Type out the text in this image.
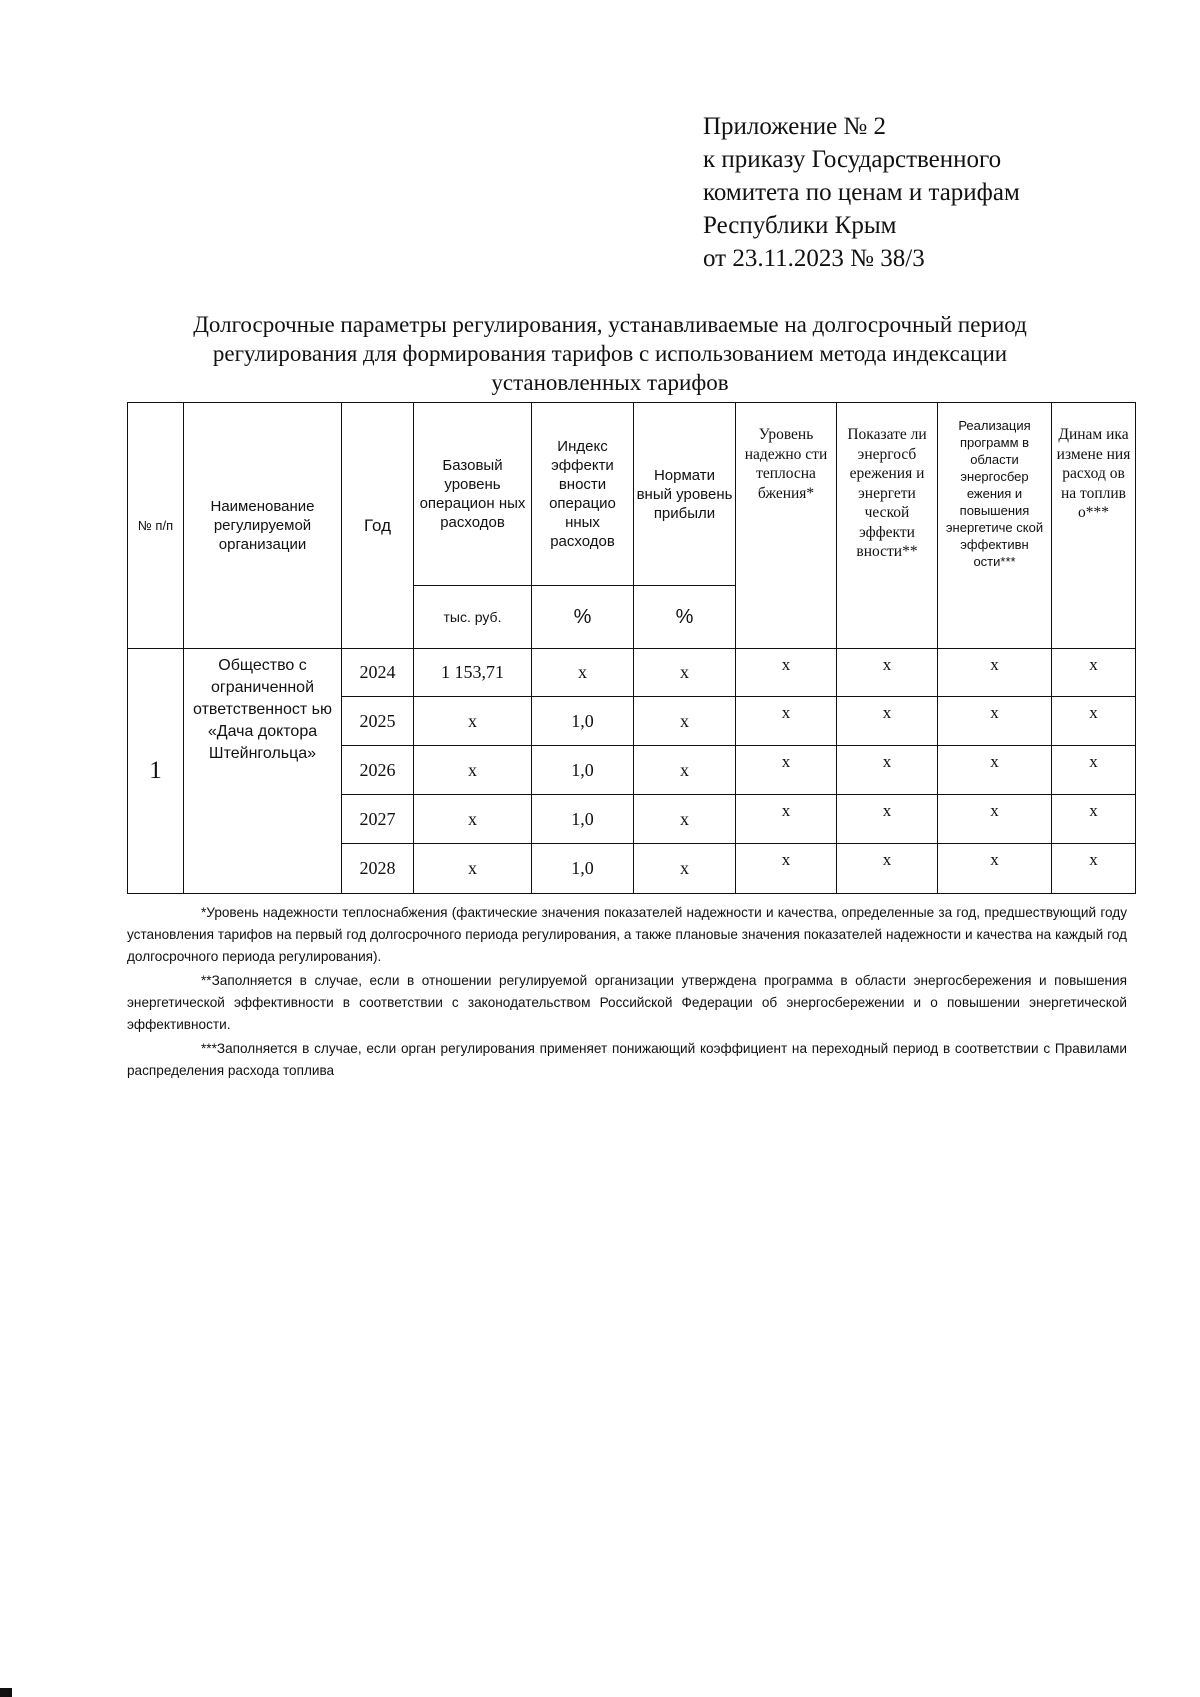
Приложение № 2
к приказу Государственного
комитета по ценам и тарифам
Республики Крым
от 23.11.2023 № 38/3
Долгосрочные параметры регулирования, устанавливаемые на долгосрочный период
регулирования для формирования тарифов с использованием метода индексации
установленных тарифов
№ п/п	Наименование регулируемой организации	Год	Базовый уровень операцион ных расходов	Индекс эффекти вности операцио нных расходов	Нормати вный уровень прибыли	Уровень надежно сти теплосна бжения*	Показате ли энергосб ережения и энергети ческой эффекти вности**	Реализация программ в области энергосбер ежения и повышения энергетиче ской эффективн ости***	Динам ика измене ния расход ов на топлив о***
			тыс. руб.	%	%				
1	Общество с ограниченной ответственност ью «Дача доктора Штейнгольца»	2024	1 153,71	х	х	х	х	х	х
		2025	х	1,0	х	х	х	х	х
		2026	х	1,0	х	х	х	х	х
		2027	х	1,0	х	х	х	х	х
		2028	х	1,0	х	х	х	х	х

*Уровень надежности теплоснабжения (фактические значения показателей надежности и качества, определенные за год, предшествующий году установления тарифов на первый год долгосрочного периода регулирования, а также плановые значения показателей надежности и качества на каждый год долгосрочного периода регулирования).

**Заполняется в случае, если в отношении регулируемой организации утверждена программа в области энергосбережения и повышения энергетической эффективности в соответствии с законодательством Российской Федерации об энергосбережении и о повышении энергетической эффективности.

***Заполняется в случае, если орган регулирования применяет понижающий коэффициент на переходный период в соответствии с Правилами распределения расхода топлива
